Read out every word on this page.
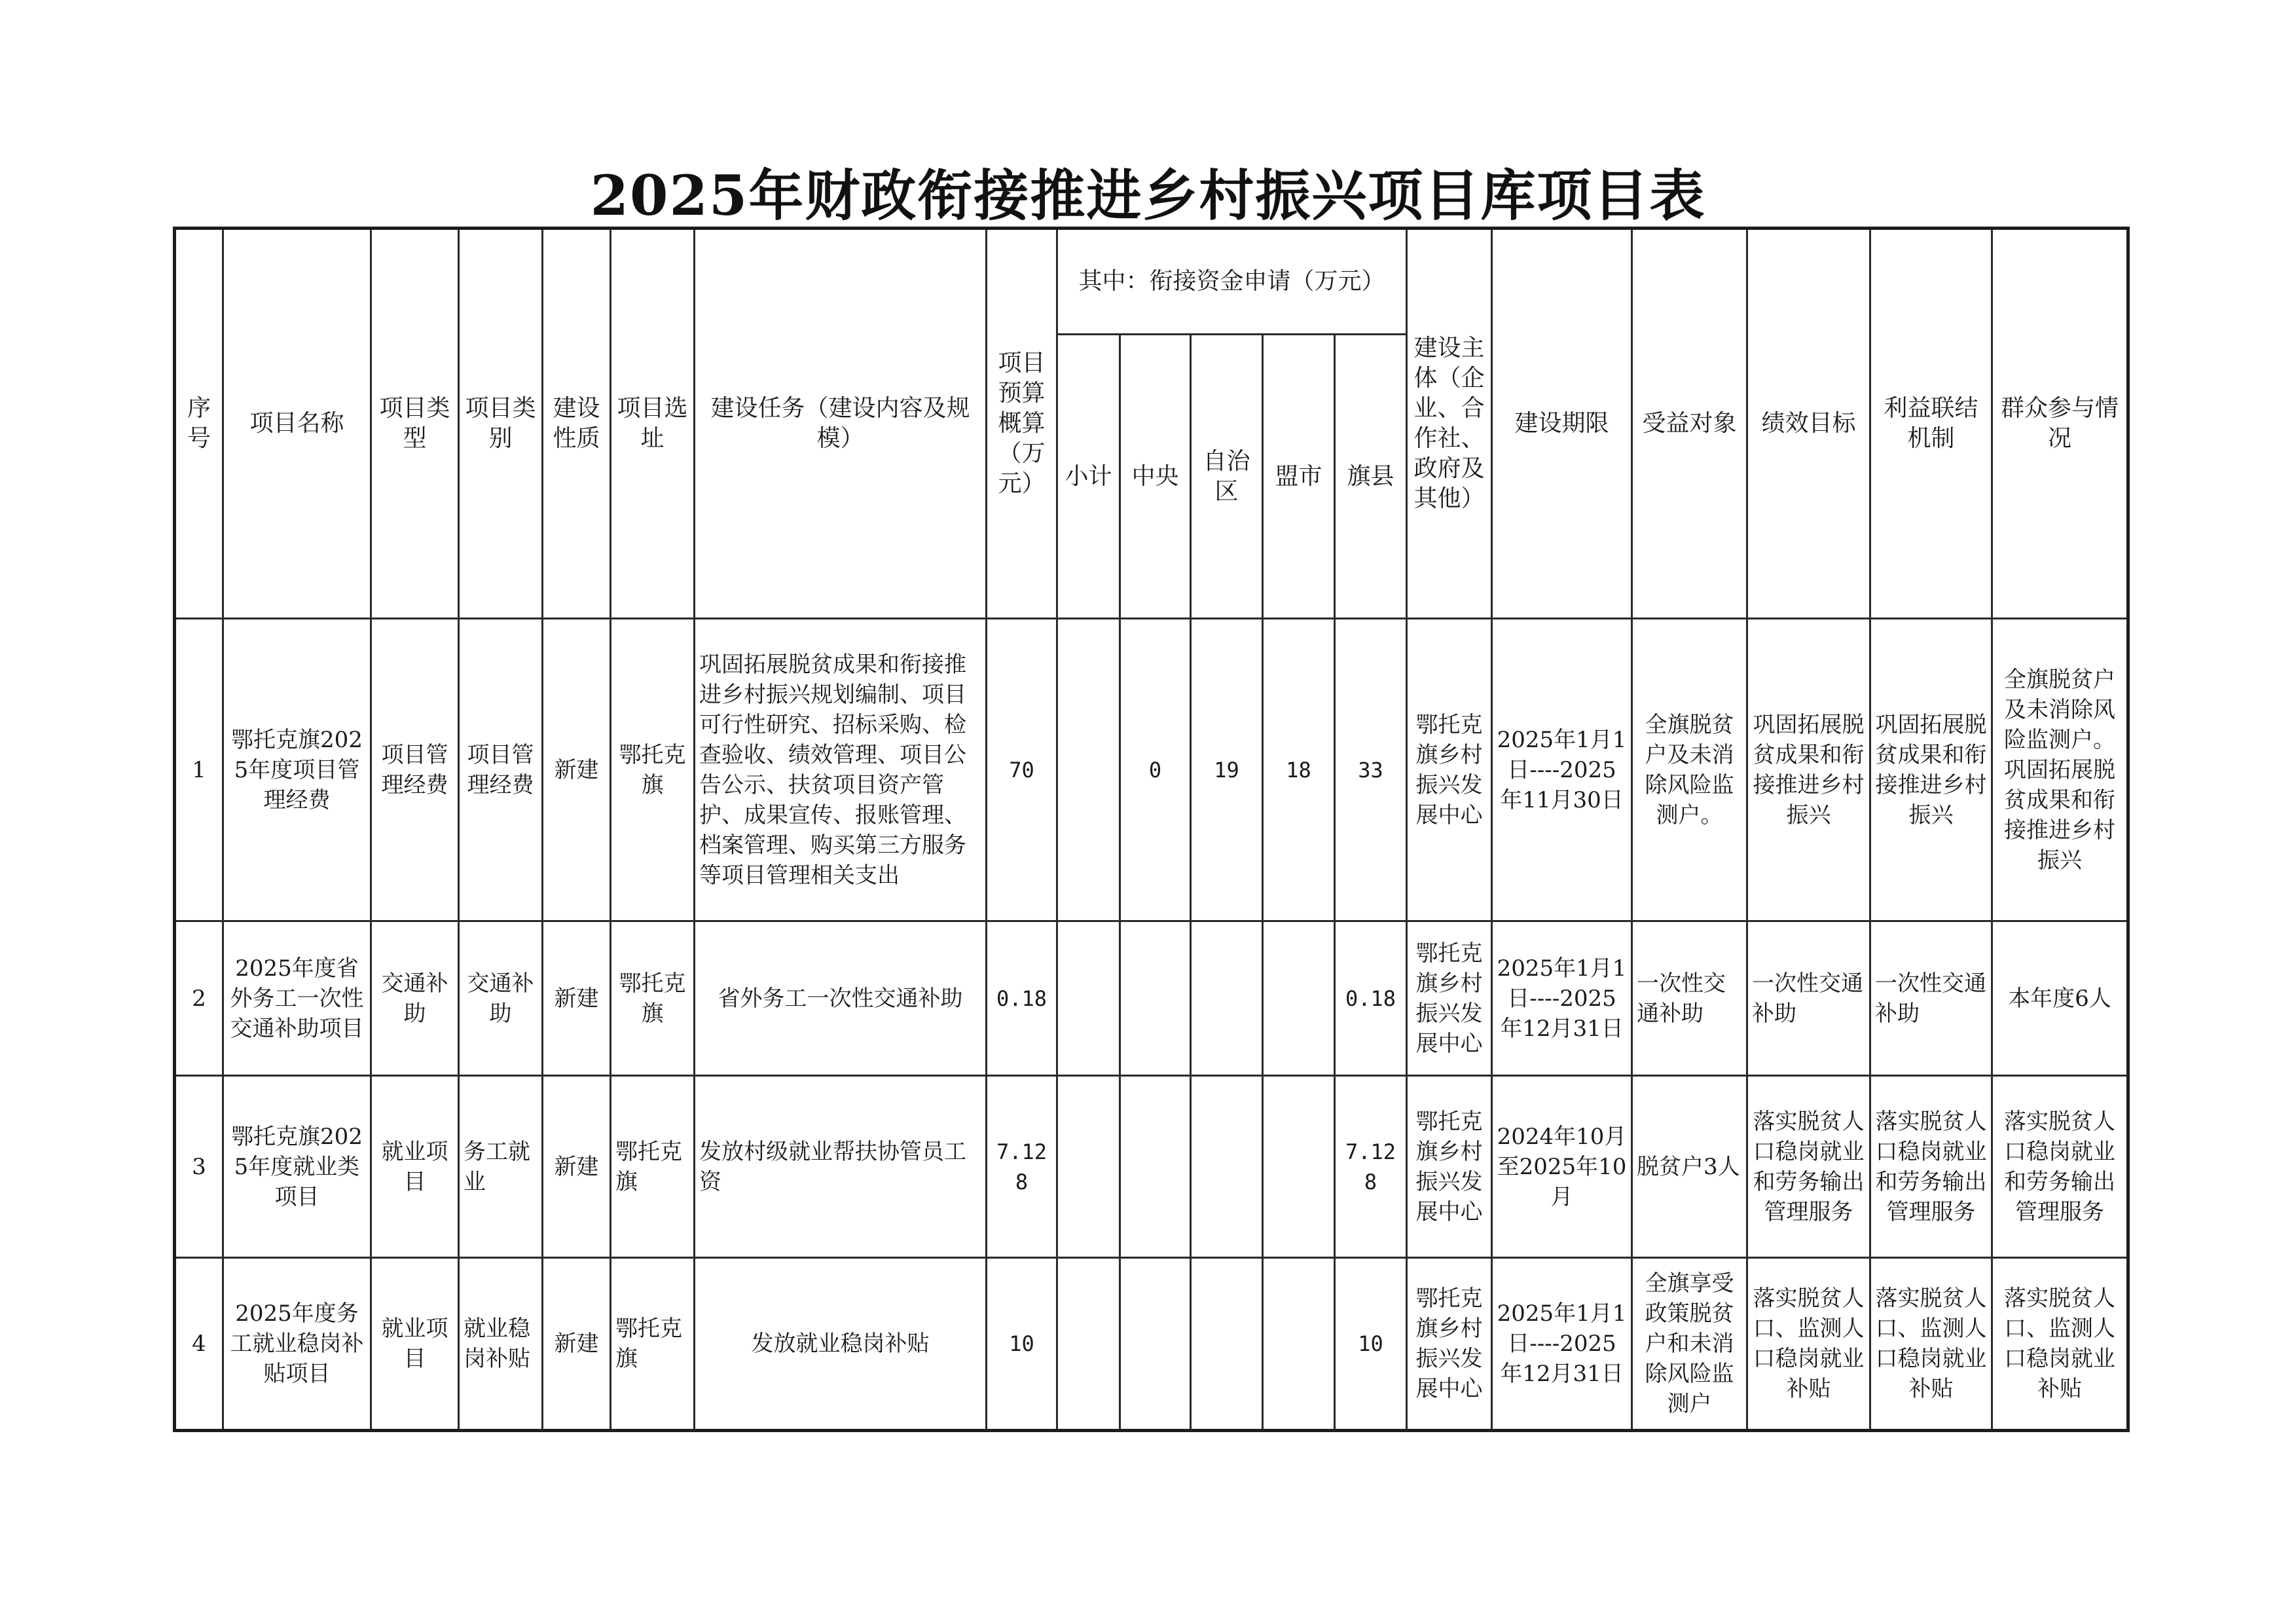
2025年财政衔接推进乡村振兴项目库项目表
序号	项目名称	项目类型	项目类别	建设性质	项目选址	建设任务（建设内容及规模）	项目预算概算（万元）	其中：衔接资金申请（万元）					建设主体（企业、合作社、政府及其他）	建设期限	受益对象	绩效目标	利益联结机制	群众参与情况
								小计	中央	自治区	盟市	旗县						
1	鄂托克旗2025年度项目管理经费	项目管理经费	项目管理经费	新建	鄂托克旗	巩固拓展脱贫成果和衔接推进乡村振兴规划编制、项目可行性研究、招标采购、检查验收、绩效管理、项目公告公示、扶贫项目资产管护、成果宣传、报账管理、档案管理、购买第三方服务等项目管理相关支出	70		0	19	18	33	鄂托克旗乡村振兴发展中心	2025年1月1日----2025年11月30日	全旗脱贫户及未消除风险监测户。	巩固拓展脱贫成果和衔接推进乡村振兴	巩固拓展脱贫成果和衔接推进乡村振兴	全旗脱贫户及未消除风险监测户。巩固拓展脱贫成果和衔接推进乡村振兴
2	2025年度省外务工一次性交通补助项目	交通补助	交通补助	新建	鄂托克旗	省外务工一次性交通补助	0.18					0.18	鄂托克旗乡村振兴发展中心	2025年1月1日----2025年12月31日	一次性交通补助	一次性交通补助	一次性交通补助	本年度6人
3	鄂托克旗2025年度就业类项目	就业项目	务工就业	新建	鄂托克旗	发放村级就业帮扶协管员工资	7.128					7.128	鄂托克旗乡村振兴发展中心	2024年10月至2025年10月	脱贫户3人	落实脱贫人口稳岗就业和劳务输出管理服务	落实脱贫人口稳岗就业和劳务输出管理服务	落实脱贫人口稳岗就业和劳务输出管理服务
4	2025年度务工就业稳岗补贴项目	就业项目	就业稳岗补贴	新建	鄂托克旗	发放就业稳岗补贴	10					10	鄂托克旗乡村振兴发展中心	2025年1月1日----2025年12月31日	全旗享受政策脱贫户和未消除风险监测户	落实脱贫人口、监测人口稳岗就业补贴	落实脱贫人口、监测人口稳岗就业补贴	落实脱贫人口、监测人口稳岗就业补贴
